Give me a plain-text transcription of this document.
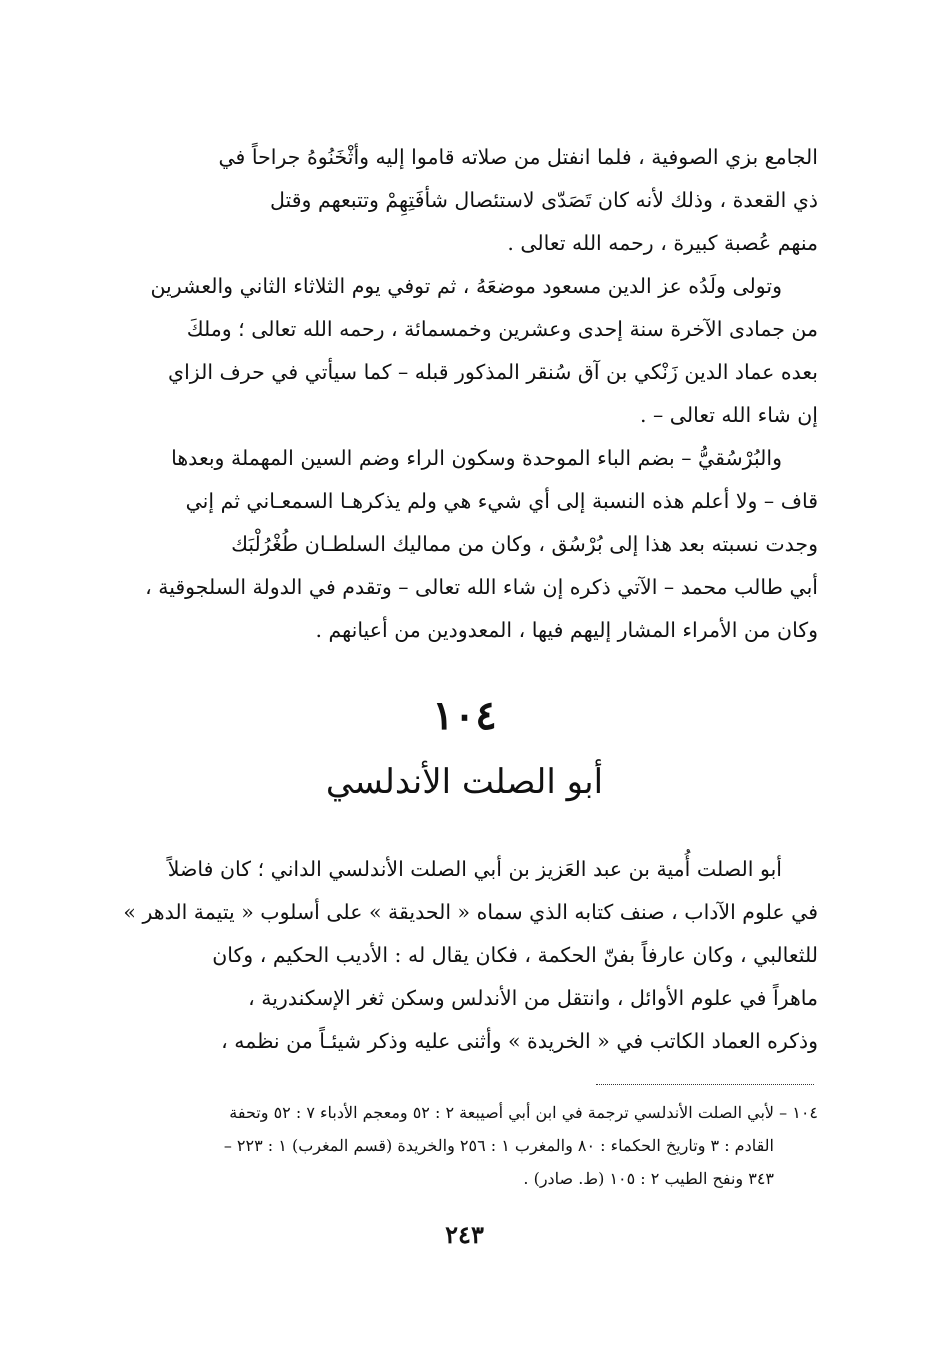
الجامع بزي الصوفية ، فلما انفتل من صلاته قاموا إليه وأثْخَنُوهُ جراحاً في
ذي القعدة ، وذلك لأنه كان تَصَدّى لاستئصال شأفَتِهِمْ وتتبعهم وقتل
منهم عُصبة كبيرة ، رحمه الله تعالى .
وتولى ولَدُه عز الدين مسعود موضعَهُ ، ثم توفي يوم الثلاثاء الثاني والعشرين
من جمادى الآخرة سنة إحدى وعشرين وخمسمائة ، رحمه الله تعالى ؛ وملكَ
بعده عماد الدين زَنْكي بن آق سُنقر المذكور قبله – كما سيأتي في حرف الزاي
إن شاء الله تعالى – .
والبُرْسُقيُّ – بضم الباء الموحدة وسكون الراء وضم السين المهملة وبعدها
قاف – ولا أعلم هذه النسبة إلى أي شيء هي ولم يذكرهـا السمعـاني ثم إني
وجدت نسبته بعد هذا إلى بُرْسُق ، وكان من مماليك السلطـان طُغْرُلْبَك
أبي طالب محمد – الآتي ذكره إن شاء الله تعالى – وتقدم في الدولة السلجوقية ،
وكان من الأمراء المشار إليهم فيها ، المعدودين من أعيانهم .
١٠٤
أبو الصلت الأندلسي
أبو الصلت أُمية بن عبد العَزيز بن أبي الصلت الأندلسي الداني ؛ كان فاضلاً
في علوم الآداب ، صنف كتابه الذي سماه « الحديقة » على أسلوب « يتيمة الدهر »
للثعالبي ، وكان عارفاً بفنّ الحكمة ، فكان يقال له : الأديب الحكيم ، وكان
ماهراً في علوم الأوائل ، وانتقل من الأندلس وسكن ثغر الإسكندرية ،
وذكره العماد الكاتب في « الخريدة » وأثنى عليه وذكر شيئـاً من نظمه ،
١٠٤ – لأبي الصلت الأندلسي ترجمة في ابن أبي أصيبعة ٢ : ٥٢ ومعجم الأدباء ٧ : ٥٢ وتحفة
القادم : ٣ وتاريخ الحكماء : ٨٠ والمغرب ١ : ٢٥٦ والخريدة (قسم المغرب) ١ : ٢٢٣ –
٣٤٣ ونفح الطيب ٢ : ١٠٥ (ط. صادر) .
٢٤٣
